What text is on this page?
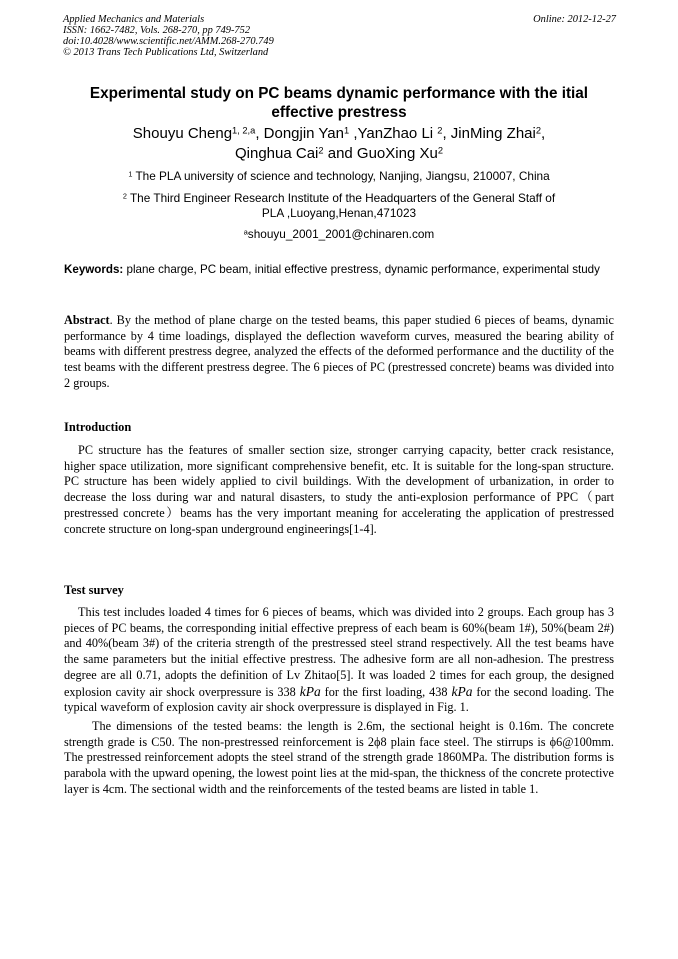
Applied Mechanics and Materials
ISSN: 1662-7482, Vols. 268-270, pp 749-752
doi:10.4028/www.scientific.net/AMM.268-270.749
© 2013 Trans Tech Publications Ltd, Switzerland
Online: 2012-12-27
Experimental study on PC beams dynamic performance with the itial
effective prestress
Shouyu Cheng$^{1, 2,a}$, Dongjin Yan$^1$ ,YanZhao Li $^2$, JinMing Zhai$^2$,
Qinghua Cai$^2$ and GuoXing Xu$^2$
$^1$ The PLA university of science and technology, Nanjing, Jiangsu, 210007, China
$^2$ The Third Engineer Research Institute of the Headquarters of the General Staff of
PLA ,Luoyang,Henan,471023
$^a$shouyu_2001_2001@chinaren.com
Keywords: plane charge, PC beam, initial effective prestress, dynamic performance, experimental study

Abstract. By the method of plane charge on the tested beams, this paper studied 6 pieces of beams, dynamic performance by 4 time loadings, displayed the deflection waveform curves, measured the bearing ability of beams with different prestress degree, analyzed the effects of the deformed performance and the ductility of the test beams with the different prestress degree. The 6 pieces of PC (prestressed concrete) beams was divided into 2 groups.

Introduction

PC structure has the features of smaller section size, stronger carrying capacity, better crack resistance, higher space utilization, more significant comprehensive benefit, etc. It is suitable for the long-span structure. PC structure has been widely applied to civil buildings. With the development of urbanization, in order to decrease the loss during war and natural disasters, to study the anti-explosion performance of PPC（part prestressed concrete）beams has the very important meaning for accelerating the application of prestressed concrete structure on long-span underground engineerings[1-4].

Test survey

This test includes loaded 4 times for 6 pieces of beams, which was divided into 2 groups. Each group has 3 pieces of PC beams, the corresponding initial effective prepress of each beam is 60%(beam 1#), 50%(beam 2#) and 40%(beam 3#) of the criteria strength of the prestressed steel strand respectively. All the test beams have the same parameters but the initial effective prestress. The adhesive form are all non-adhesion. The prestress degree are all 0.71, adopts the definition of Lv Zhitao[5]. It was loaded 2 times for each group, the designed explosion cavity air shock overpressure is 338 kPa for the first loading, 438 kPa for the second loading. The typical waveform of explosion cavity air shock overpressure is displayed in Fig. 1.

The dimensions of the tested beams: the length is 2.6m, the sectional height is 0.16m. The concrete strength grade is C50. The non-prestressed reinforcement is 2ϕ8 plain face steel. The stirrups is ϕ6@100mm. The prestressed reinforcement adopts the steel strand of the strength grade 1860MPa. The distribution forms is parabola with the upward opening, the lowest point lies at the mid-span, the thickness of the concrete protective layer is 4cm. The sectional width and the reinforcements of the tested beams are listed in table 1.
